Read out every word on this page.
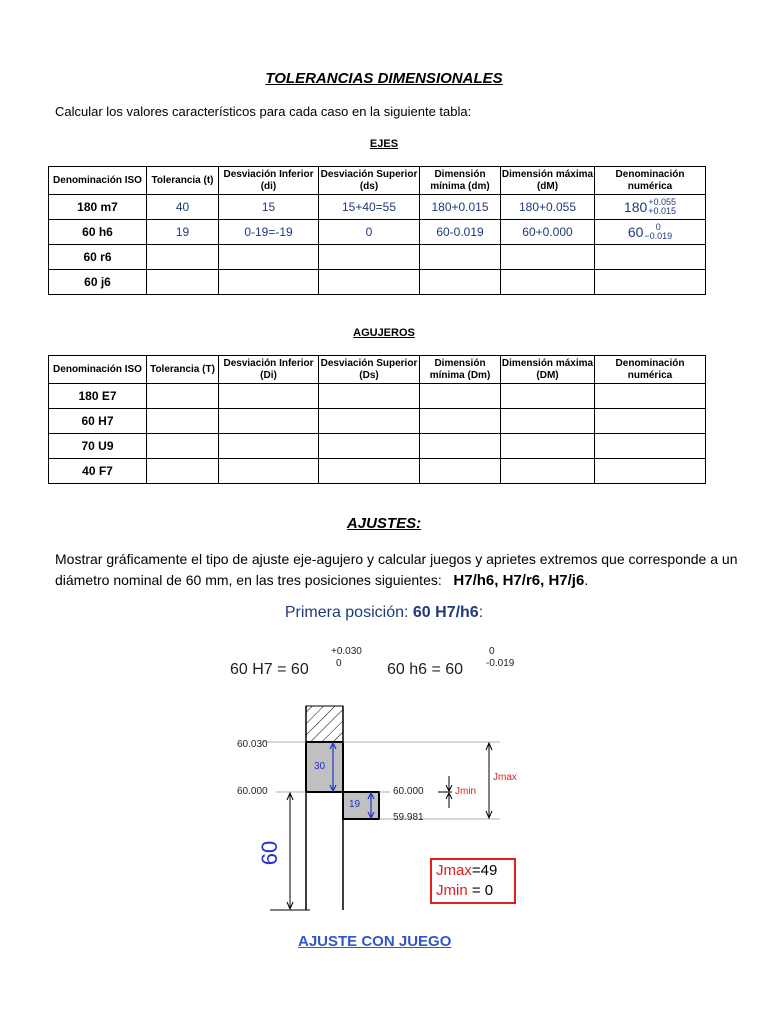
TOLERANCIAS DIMENSIONALES
Calcular los valores característicos para cada caso en la siguiente tabla:
EJES
Denominación ISO	Tolerancia (t)	Desviación Inferior (di)	Desviación Superior (ds)	Dimensión mínima (dm)	Dimensión máxima (dM)	Denominación numérica
180 m7	40	15	15+40=55	180+0.015	180+0.055	180 +0.055
+0.015

60 h6	19	0-19=-19	0	60-0.019	60+0.000	60 0
−0.019

60 r6						
60 j6						
AGUJEROS
Denominación ISO	Tolerancia (T)	Desviación Inferior (Di)	Desviación Superior (Ds)	Dimensión mínima (Dm)	Dimensión máxima (DM)	Denominación numérica
180 E7						
60 H7						
70 U9						
40 F7						
AJUSTES:
Mostrar gráficamente el tipo de ajuste eje-agujero y calcular juegos y aprietes extremos que corresponde a un diámetro nominal de 60 mm, en las tres posiciones siguientes: H7/h6, H7/r6, H7/j6.
Primera posición: 60 H7/h6:
60 H7 = 60
+0.030
0	60 h6 = 60
0
-0.019
60.030
60.000	60.000
59.981
30
19
Jmin
Jmax
60
Jmax=49
Jmin = 0
AJUSTE CON JUEGO
